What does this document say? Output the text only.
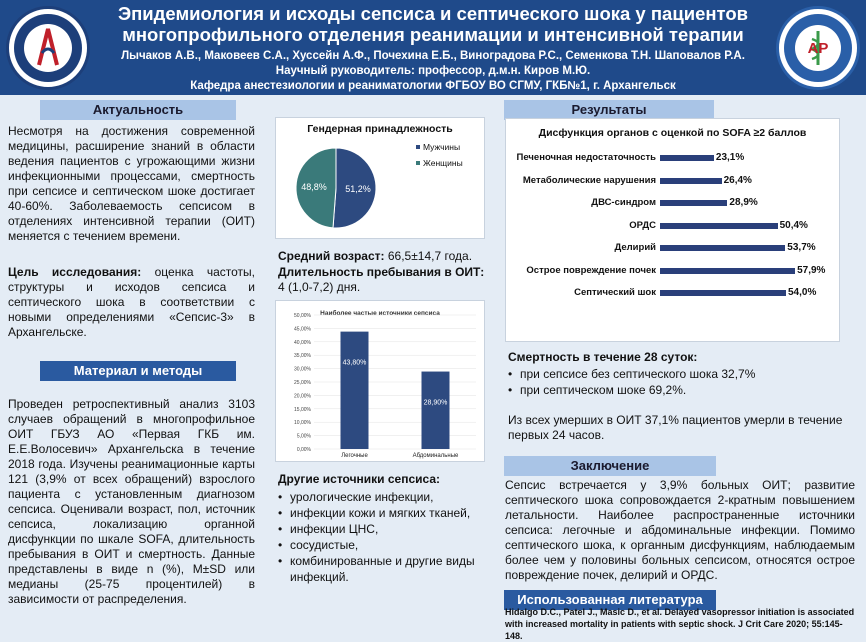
Эпидемиология и исходы сепсиса и септического шока у пациентов
многопрофильного отделения реанимации и интенсивной терапии
Лычаков А.В., Маковеев С.А., Хуссейн А.Ф., Почехина Е.Б., Виноградова Р.С., Семенкова Т.Н. Шаповалов Р.А.
Научный руководитель: профессор, д.м.н. Киров М.Ю.
Кафедра анестезиологии и реаниматологии ФГБОУ ВО СГМУ, ГКБ№1, г. Архангельск
АР
Актуальность
Несмотря на достижения современной медицины, расширение знаний в области ведения пациентов с угрожающими жизни инфекционными процессами, смертность при сепсисе и септическом шоке достигает 40-60%. Заболеваемость сепсисом в отделениях интенсивной терапии (ОИТ) меняется с течением времени.
Цель исследования: оценка частоты, структуры и исходов сепсиса и септического шока в соответствии с новыми определениями «Сепсис-3» в Архангельске.
Материал и методы
Проведен ретроспективный анализ 3103 случаев обращений в многопрофильное ОИТ ГБУЗ АО «Первая ГКБ им. Е.Е.Волосевич» Архангельска в течение 2018 года. Изучены реанимационные карты 121 (3,9% от всех обращений) взрослого пациента с установленным диагнозом сепсиса. Оценивали возраст, пол, источник сепсиса, локализацию органной дисфункции по шкале SOFA, длительность пребывания в ОИТ и смертность. Данные представлены в виде n (%), M±SD или медианы (25-75 процентилей) в зависимости от распределения.
Гендерная принадлежность
51,2%
48,8%
Мужчины
Женщины
Средний возраст: 66,5±14,7 года.
Длительность пребывания в ОИТ:
4 (1,0-7,2) дня.
Наиболее частые источники сепсиса
0,00%
5,00%
10,00%
15,00%
20,00%
25,00%
30,00%
35,00%
40,00%
45,00%
50,00%
43,80%
Легочные
28,90%
Абдоминальные
Другие источники сепсиса:
• урологические инфекции,
• инфекции кожи и мягких тканей,
• инфекции ЦНС,
• сосудистые,
• комбинированные и другие виды инфекций.
Результаты
Дисфункция органов с оценкой по SOFA ≥2 баллов
Печеночная недостаточность	23,1%
Метаболические нарушения	26,4%
ДВС-синдром	28,9%
ОРДС	50,4%
Делирий	53,7%
Острое повреждение почек	57,9%
Септический шок	54,0%
Смертность в течение 28 суток:
• при сепсисе без септического шока 32,7%
• при септическом шоке 69,2%.
Из всех умерших в ОИТ 37,1% пациентов умерли в течение первых 24 часов.
Заключение
Сепсис встречается у 3,9% больных ОИТ; развитие септического шока сопровождается 2-кратным повышением летальности. Наиболее распространенные источники сепсиса: легочные и абдоминальные инфекции. Помимо септического шока, к органным дисфункциям, наблюдаемым более чем у половины больных сепсисом, относятся острое повреждение почек, делирий и ОРДС.
Использованная литература
Hidalgo D.C., Patel J., Masic D., et al. Delayed vasopressor initiation is associated with increased mortality in patients with septic shock. J Crit Care 2020; 55:145-148.
